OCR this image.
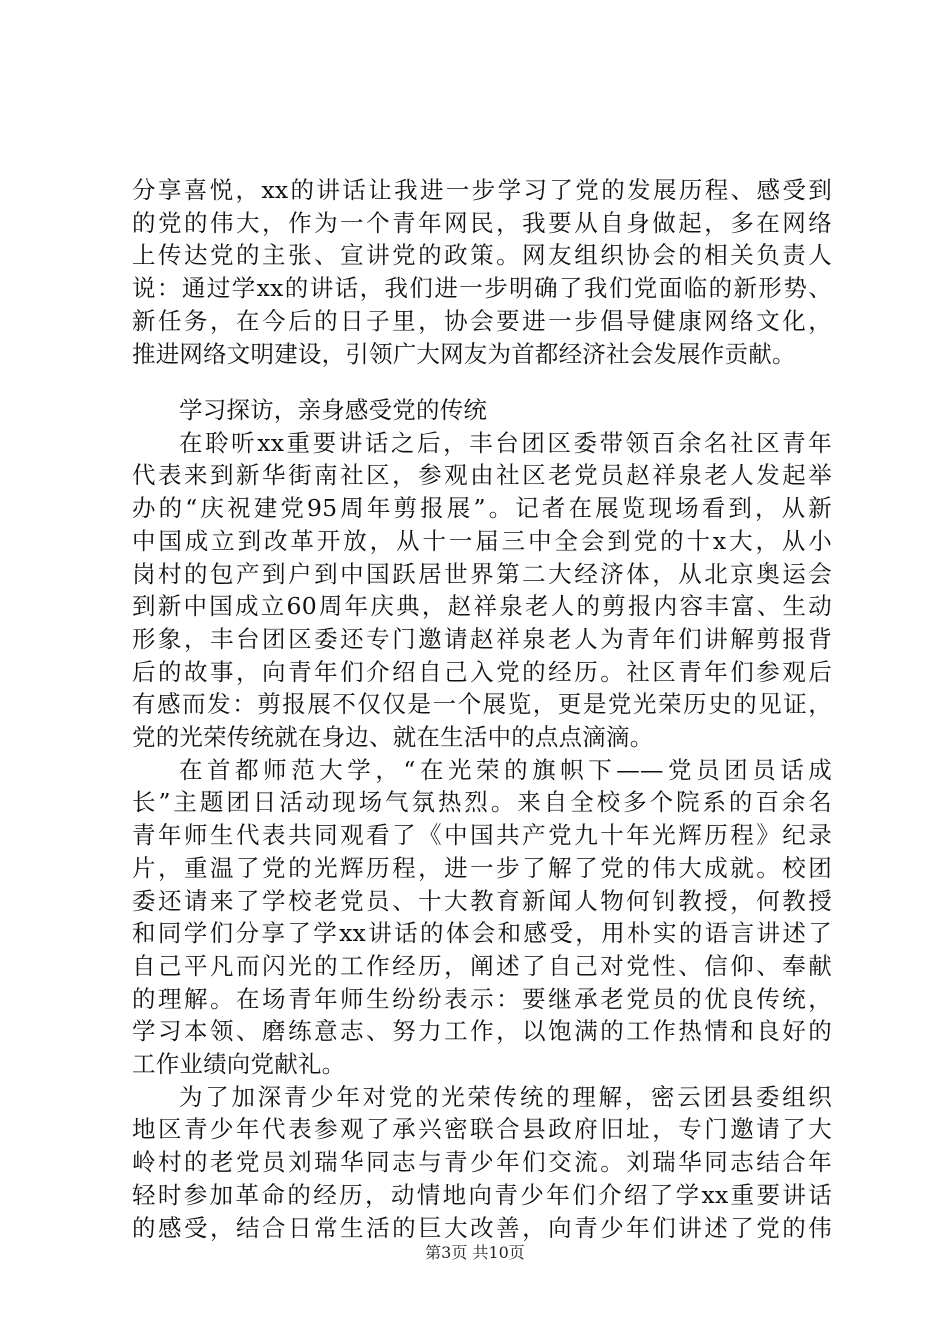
分享喜悦，xx的讲话让我进一步学习了党的发展历程、感受到

的党的伟大，作为一个青年网民，我要从自身做起，多在网络

上传达党的主张、宣讲党的政策。网友组织协会的相关负责人

说：通过学xx的讲话，我们进一步明确了我们党面临的新形势、

新任务，在今后的日子里，协会要进一步倡导健康网络文化，

推进网络文明建设，引领广大网友为首都经济社会发展作贡献。

学习探访，亲身感受党的传统

在聆听xx重要讲话之后，丰台团区委带领百余名社区青年

代表来到新华街南社区，参观由社区老党员赵祥泉老人发起举

办的“庆祝建党95周年剪报展”。记者在展览现场看到，从新

中国成立到改革开放，从十一届三中全会到党的十x大，从小

岗村的包产到户到中国跃居世界第二大经济体，从北京奥运会

到新中国成立60周年庆典，赵祥泉老人的剪报内容丰富、生动

形象，丰台团区委还专门邀请赵祥泉老人为青年们讲解剪报背

后的故事，向青年们介绍自己入党的经历。社区青年们参观后

有感而发：剪报展不仅仅是一个展览，更是党光荣历史的见证，

党的光荣传统就在身边、就在生活中的点点滴滴。

在首都师范大学，“在光荣的旗帜下——党员团员话成

长”主题团日活动现场气氛热烈。来自全校多个院系的百余名

青年师生代表共同观看了《中国共产党九十年光辉历程》纪录

片，重温了党的光辉历程，进一步了解了党的伟大成就。校团

委还请来了学校老党员、十大教育新闻人物何钊教授，何教授

和同学们分享了学xx讲话的体会和感受，用朴实的语言讲述了

自己平凡而闪光的工作经历，阐述了自己对党性、信仰、奉献

的理解。在场青年师生纷纷表示：要继承老党员的优良传统，

学习本领、磨练意志、努力工作，以饱满的工作热情和良好的

工作业绩向党献礼。

为了加深青少年对党的光荣传统的理解，密云团县委组织

地区青少年代表参观了承兴密联合县政府旧址，专门邀请了大

岭村的老党员刘瑞华同志与青少年们交流。刘瑞华同志结合年

轻时参加革命的经历，动情地向青少年们介绍了学xx重要讲话

的感受，结合日常生活的巨大改善，向青少年们讲述了党的伟

第3页 共10页
